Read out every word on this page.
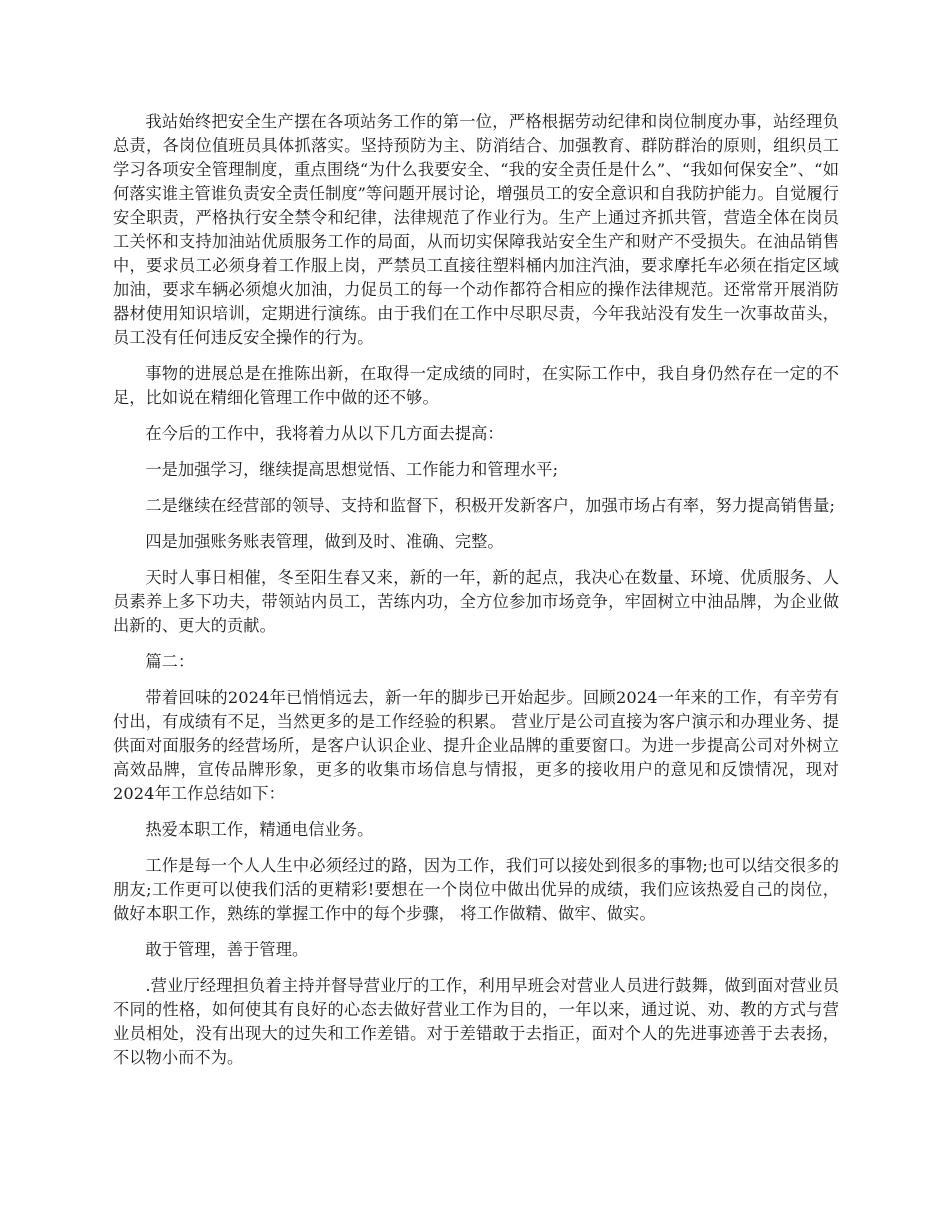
我站始终把安全生产摆在各项站务工作的第一位，严格根据劳动纪律和岗位制度办事，站经理负总责，各岗位值班员具体抓落实。坚持预防为主、防消结合、加强教育、群防群治的原则，组织员工学习各项安全管理制度，重点围绕“为什么我要安全、“我的安全责任是什么”、“我如何保安全”、“如何落实谁主管谁负责安全责任制度”等问题开展讨论，增强员工的安全意识和自我防护能力。自觉履行安全职责，严格执行安全禁令和纪律，法律规范了作业行为。生产上通过齐抓共管，营造全体在岗员工关怀和支持加油站优质服务工作的局面，从而切实保障我站安全生产和财产不受损失。在油品销售中，要求员工必须身着工作服上岗，严禁员工直接往塑料桶内加注汽油，要求摩托车必须在指定区域加油，要求车辆必须熄火加油，力促员工的每一个动作都符合相应的操作法律规范。还常常开展消防器材使用知识培训，定期进行演练。由于我们在工作中尽职尽责，今年我站没有发生一次事故苗头，员工没有任何违反安全操作的行为。

事物的进展总是在推陈出新，在取得一定成绩的同时，在实际工作中，我自身仍然存在一定的不足，比如说在精细化管理工作中做的还不够。

在今后的工作中，我将着力从以下几方面去提高：

一是加强学习，继续提高思想觉悟、工作能力和管理水平;

二是继续在经营部的领导、支持和监督下，积极开发新客户，加强市场占有率，努力提高销售量;

四是加强账务账表管理，做到及时、准确、完整。

天时人事日相催，冬至阳生春又来，新的一年，新的起点，我决心在数量、环境、优质服务、人员素养上多下功夫，带领站内员工，苦练内功，全方位参加市场竞争，牢固树立中油品牌，为企业做出新的、更大的贡献。

篇二：

带着回味的2024年已悄悄远去，新一年的脚步已开始起步。回顾2024一年来的工作，有辛劳有付出，有成绩有不足，当然更多的是工作经验的积累。 营业厅是公司直接为客户演示和办理业务、提供面对面服务的经营场所，是客户认识企业、提升企业品牌的重要窗口。为进一步提高公司对外树立高效品牌，宣传品牌形象，更多的收集市场信息与情报，更多的接收用户的意见和反馈情况，现对2024年工作总结如下：

热爱本职工作，精通电信业务。

工作是每一个人人生中必须经过的路，因为工作，我们可以接处到很多的事物;也可以结交很多的朋友;工作更可以使我们活的更精彩!要想在一个岗位中做出优异的成绩，我们应该热爱自己的岗位，做好本职工作，熟练的掌握工作中的每个步骤， 将工作做精、做牢、做实。

敢于管理，善于管理。

.营业厅经理担负着主持并督导营业厅的工作，利用早班会对营业人员进行鼓舞，做到面对营业员不同的性格，如何使其有良好的心态去做好营业工作为目的，一年以来，通过说、劝、教的方式与营业员相处，没有出现大的过失和工作差错。对于差错敢于去指正，面对个人的先进事迹善于去表扬，不以物小而不为。
